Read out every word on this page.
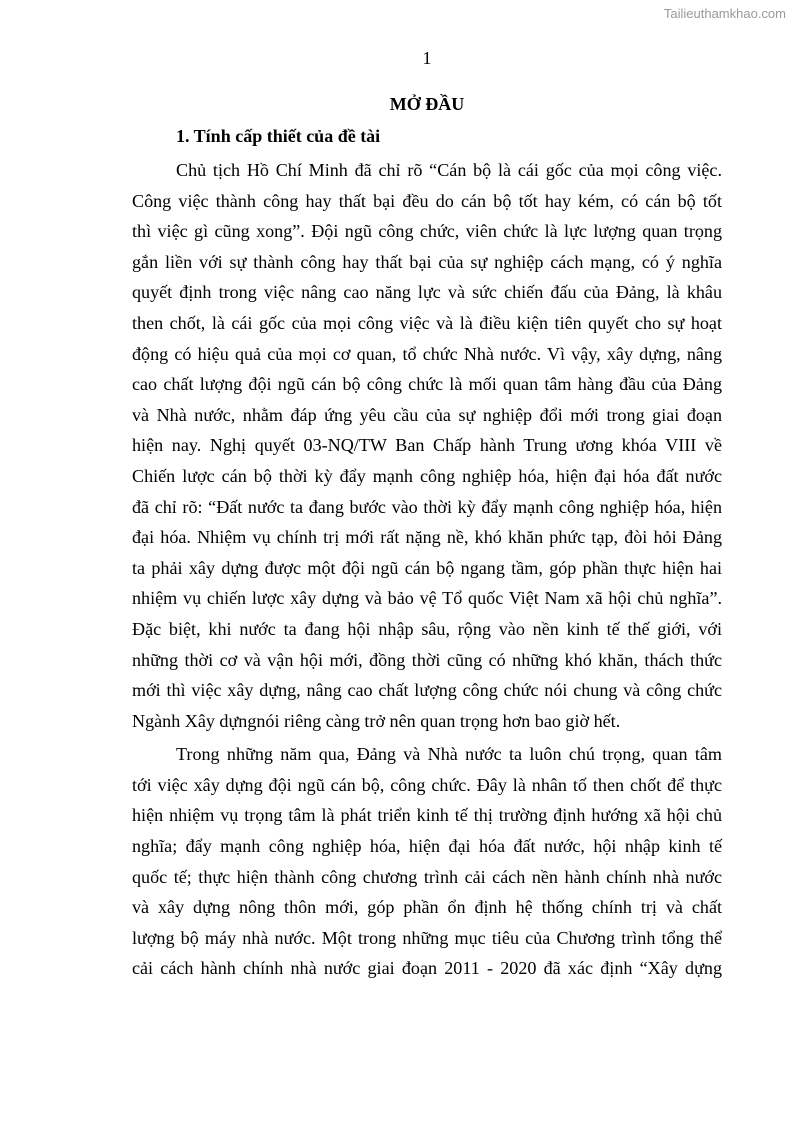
Tailieuthamkhao.com
1
MỞ ĐẦU
1. Tính cấp thiết của đề tài
Chủ tịch Hồ Chí Minh đã chỉ rõ “Cán bộ là cái gốc của mọi công việc.
Công việc thành công hay thất bại đều do cán bộ tốt hay kém, có cán bộ tốt
thì việc gì cũng xong”. Đội ngũ công chức, viên chức là lực lượng quan trọng
gắn liền với sự thành công hay thất bại của sự nghiệp cách mạng, có ý nghĩa
quyết định trong việc nâng cao năng lực và sức chiến đấu của Đảng, là khâu
then chốt, là cái gốc của mọi công việc và là điều kiện tiên quyết cho sự hoạt
động có hiệu quả của mọi cơ quan, tổ chức Nhà nước. Vì vậy, xây dựng, nâng
cao chất lượng đội ngũ cán bộ công chức là mối quan tâm hàng đầu của Đảng
và Nhà nước, nhằm đáp ứng yêu cầu của sự nghiệp đổi mới trong giai đoạn
hiện nay. Nghị quyết 03-NQ/TW Ban Chấp hành Trung ương khóa VIII về
Chiến lược cán bộ thời kỳ đẩy mạnh công nghiệp hóa, hiện đại hóa đất nước
đã chỉ rõ: “Đất nước ta đang bước vào thời kỳ đẩy mạnh công nghiệp hóa, hiện
đại hóa. Nhiệm vụ chính trị mới rất nặng nề, khó khăn phức tạp, đòi hỏi Đảng
ta phải xây dựng được một đội ngũ cán bộ ngang tầm, góp phần thực hiện hai
nhiệm vụ chiến lược xây dựng và bảo vệ Tổ quốc Việt Nam xã hội chủ nghĩa”.
Đặc biệt, khi nước ta đang hội nhập sâu, rộng vào nền kinh tế thế giới, với
những thời cơ và vận hội mới, đồng thời cũng có những khó khăn, thách thức
mới thì việc xây dựng, nâng cao chất lượng công chức nói chung và công chức
Ngành Xây dựngnói riêng càng trở nên quan trọng hơn bao giờ hết.
Trong những năm qua, Đảng và Nhà nước ta luôn chú trọng, quan tâm
tới việc xây dựng đội ngũ cán bộ, công chức. Đây là nhân tố then chốt để thực
hiện nhiệm vụ trọng tâm là phát triển kinh tế thị trường định hướng xã hội chủ
nghĩa; đẩy mạnh công nghiệp hóa, hiện đại hóa đất nước, hội nhập kinh tế
quốc tế; thực hiện thành công chương trình cải cách nền hành chính nhà nước
và xây dựng nông thôn mới, góp phần ổn định hệ thống chính trị và chất
lượng bộ máy nhà nước. Một trong những mục tiêu của Chương trình tổng thể
cải cách hành chính nhà nước giai đoạn 2011 - 2020 đã xác định “Xây dựng
